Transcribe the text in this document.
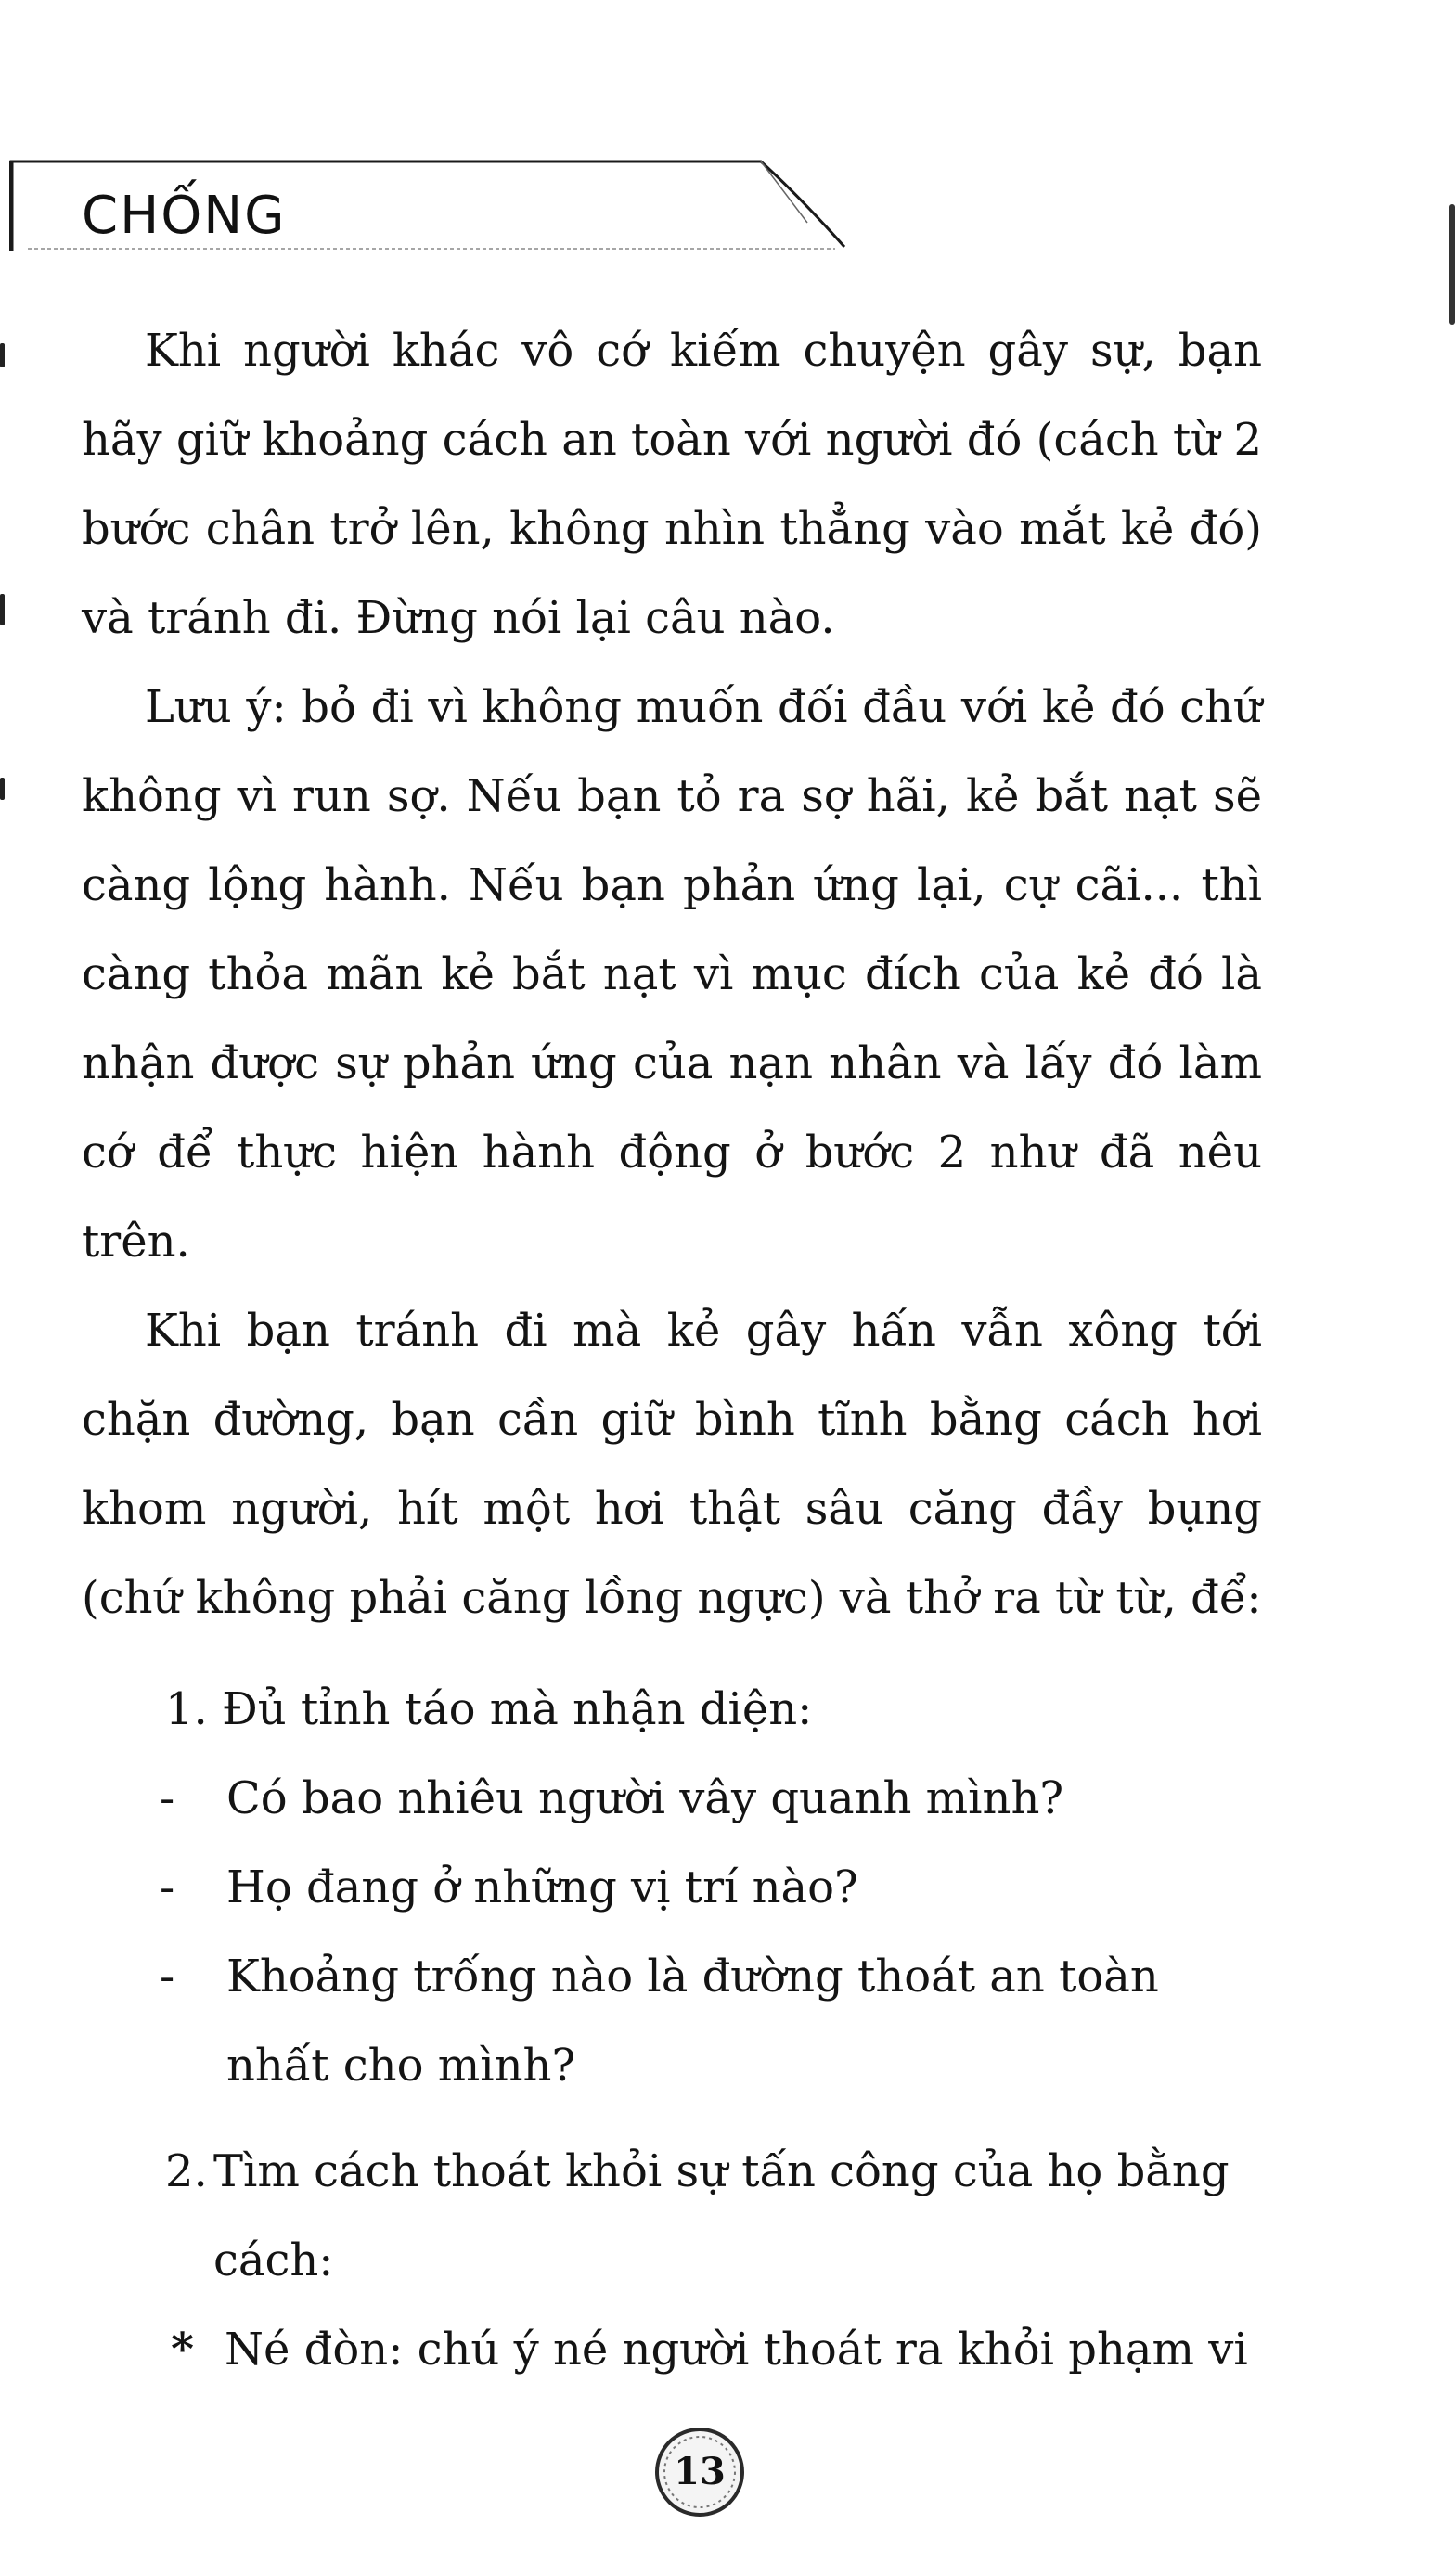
CHỐNG

Khi người khác vô cớ kiếm chuyện gây sự, bạn hãy giữ khoảng cách an toàn với người đó (cách từ 2 bước chân trở lên, không nhìn thẳng vào mắt kẻ đó) và tránh đi. Đừng nói lại câu nào.

Lưu ý: bỏ đi vì không muốn đối đầu với kẻ đó chứ không vì run sợ. Nếu bạn tỏ ra sợ hãi, kẻ bắt nạt sẽ càng lộng hành. Nếu bạn phản ứng lại, cự cãi... thì càng thỏa mãn kẻ bắt nạt vì mục đích của kẻ đó là nhận được sự phản ứng của nạn nhân và lấy đó làm cớ để thực hiện hành động ở bước 2 như đã nêu trên.

Khi bạn tránh đi mà kẻ gây hấn vẫn xông tới chặn đường, bạn cần giữ bình tĩnh bằng cách hơi khom người, hít một hơi thật sâu căng đầy bụng (chứ không phải căng lồng ngực) và thở ra từ từ, để:

1. Đủ tỉnh táo mà nhận diện:
-	Có bao nhiêu người vây quanh mình?
-	Họ đang ở những vị trí nào?
-	Khoảng trống nào là đường thoát an toàn nhất cho mình?
2. Tìm cách thoát khỏi sự tấn công của họ bằng cách:
* Né đòn: chú ý né người thoát ra khỏi phạm vi
13
